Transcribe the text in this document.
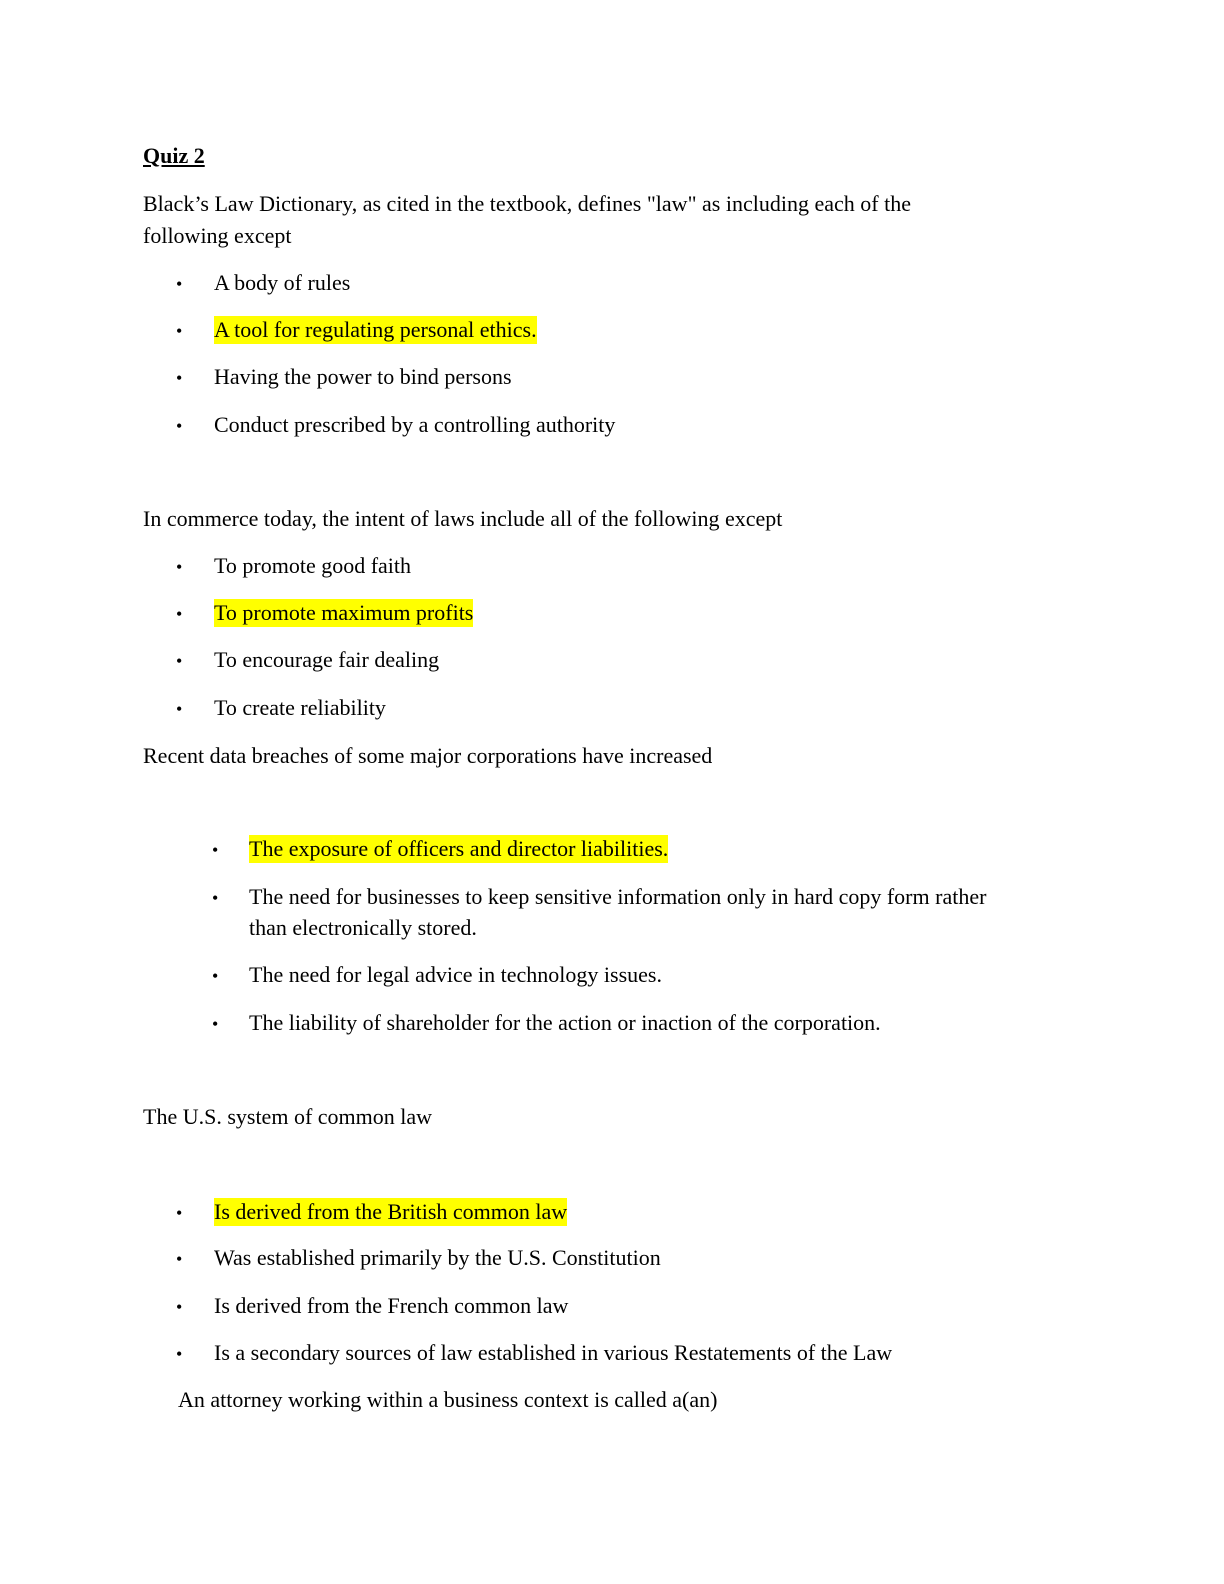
Quiz 2
Black’s Law Dictionary, as cited in the textbook, defines "law" as including each of the
following except
• A body of rules
• A tool for regulating personal ethics.
• Having the power to bind persons
• Conduct prescribed by a controlling authority
In commerce today, the intent of laws include all of the following except
• To promote good faith
• To promote maximum profits
• To encourage fair dealing
• To create reliability
Recent data breaches of some major corporations have increased
• The exposure of officers and director liabilities.
• The need for businesses to keep sensitive information only in hard copy form rather
than electronically stored.
• The need for legal advice in technology issues.
• The liability of shareholder for the action or inaction of the corporation.
The U.S. system of common law
• Is derived from the British common law
• Was established primarily by the U.S. Constitution
• Is derived from the French common law
• Is a secondary sources of law established in various Restatements of the Law
An attorney working within a business context is called a(an)
